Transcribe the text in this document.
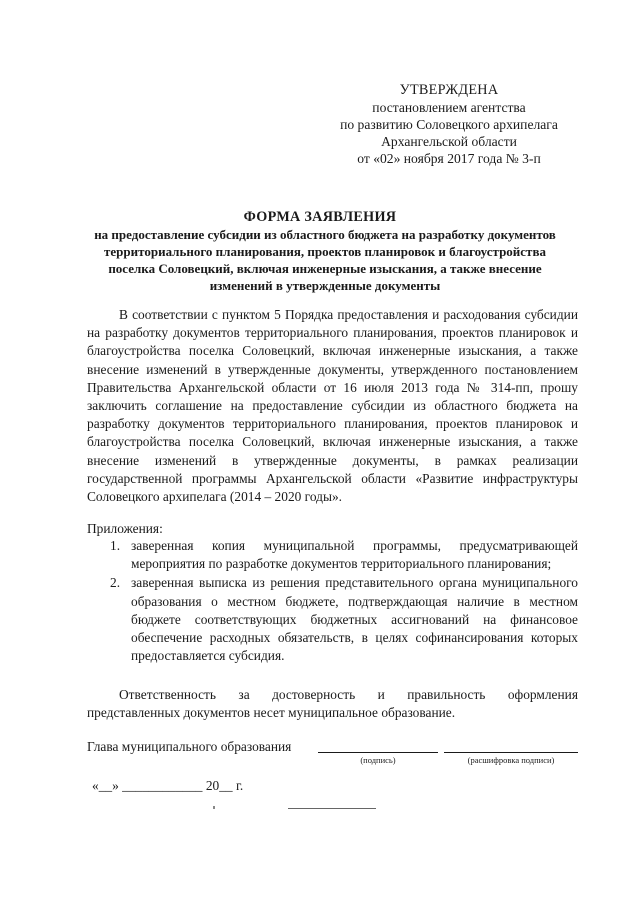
УТВЕРЖДЕНА
постановлением агентства
по развитию Соловецкого архипелага
Архангельской области
от «02» ноября 2017 года № 3-п
ФОРМА ЗАЯВЛЕНИЯ
на предоставление субсидии из областного бюджета на разработку документов территориального планирования, проектов планировок и благоустройства поселка Соловецкий, включая инженерные изыскания, а также внесение изменений в утвержденные документы

В соответствии с пунктом 5 Порядка предоставления и расходования субсидии на разработку документов территориального планирования, проектов планировок и благоустройства поселка Соловецкий, включая инженерные изыскания, а также внесение изменений в утвержденные документы, утвержденного постановлением Правительства Архангельской области от 16 июля 2013 года № 314-пп, прошу заключить соглашение на предоставление субсидии из областного бюджета на разработку документов территориального планирования, проектов планировок и благоустройства поселка Соловецкий, включая инженерные изыскания, а также внесение изменений в утвержденные документы, в рамках реализации государственной программы Архангельской области «Развитие инфраструктуры Соловецкого архипелага (2014 – 2020 годы».

Приложения:
1. заверенная копия муниципальной программы, предусматривающей мероприятия по разработке документов территориального планирования;
2. заверенная выписка из решения представительного органа муниципального образования о местном бюджете, подтверждающая наличие в местном бюджете соответствующих бюджетных ассигнований на финансовое обеспечение расходных обязательств, в целях софинансирования которых предоставляется субсидия.

Ответственность за достоверность и правильность оформления представленных документов несет муниципальное образование.

Глава муниципального образования
(подпись)	(расшифровка подписи)
«__» ____________ 20__ г.
